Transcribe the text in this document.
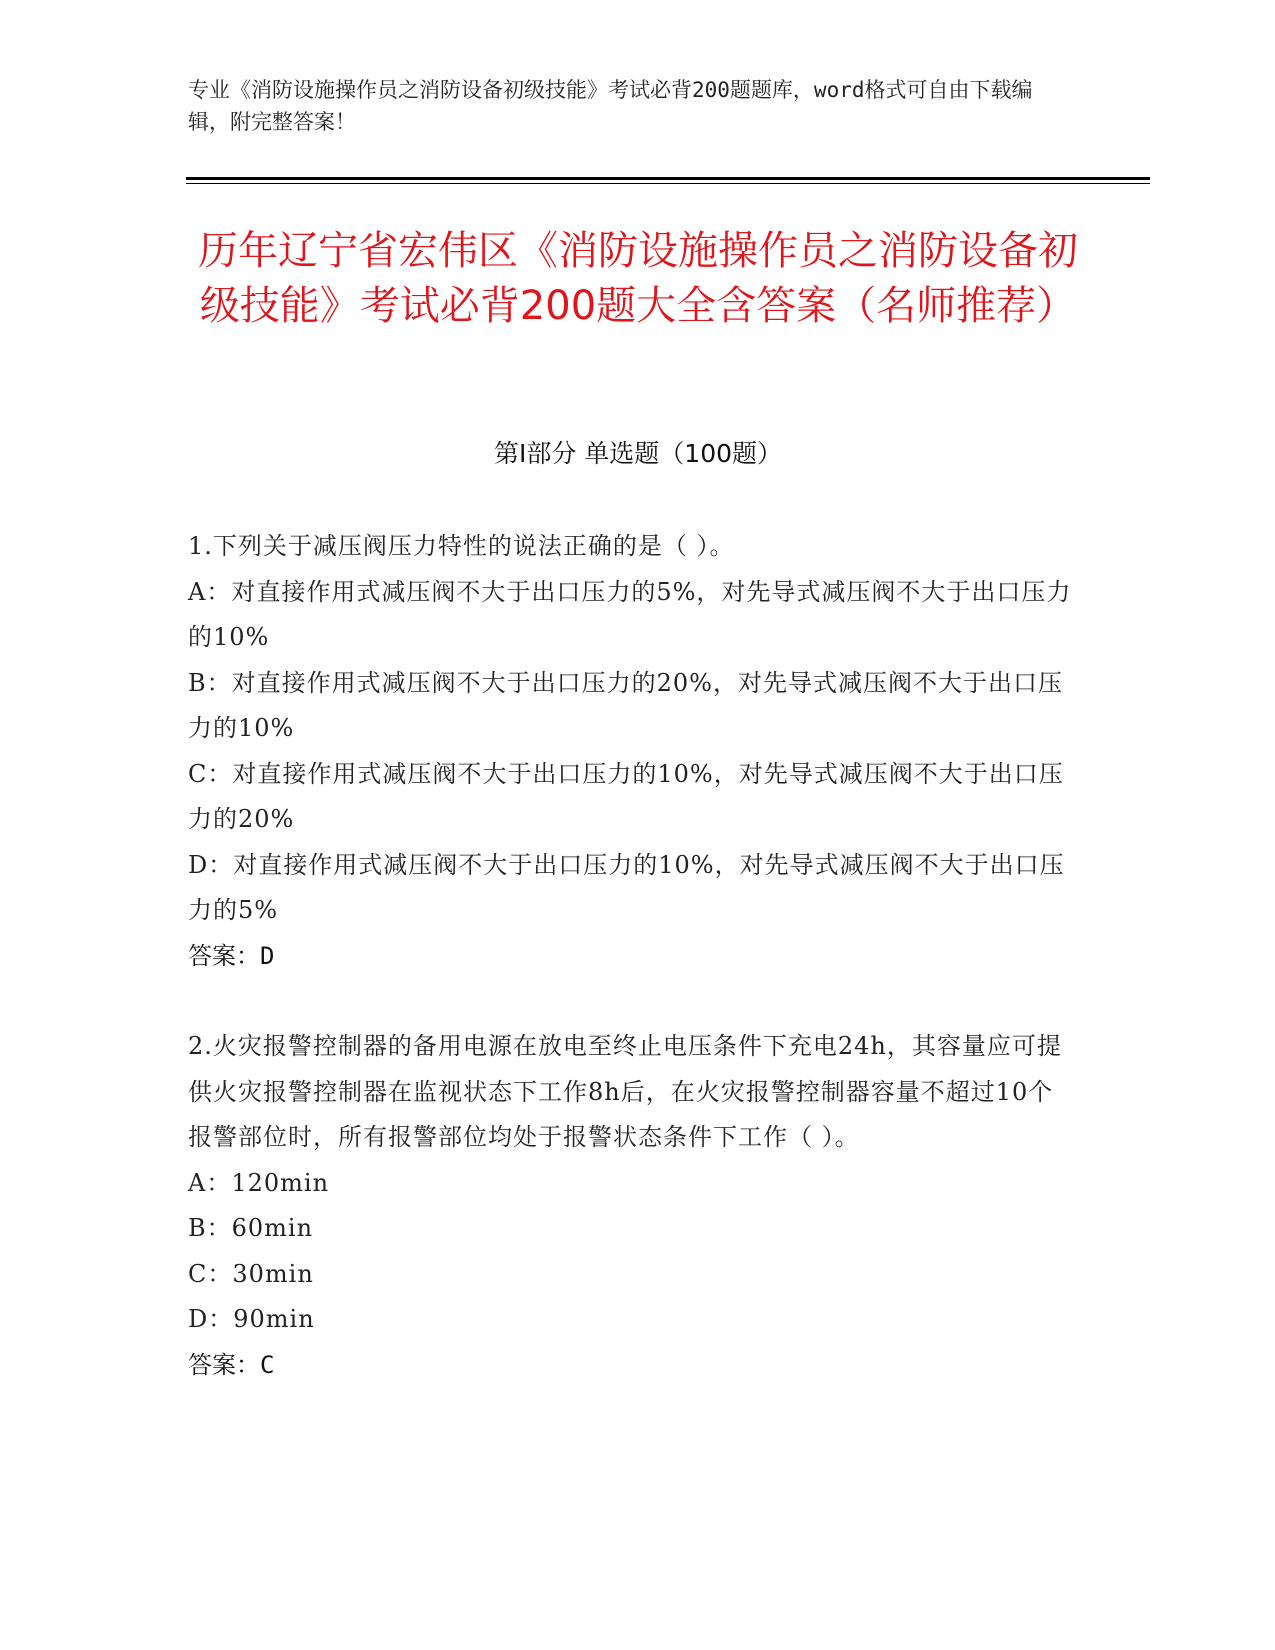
专业《消防设施操作员之消防设备初级技能》考试必背200题题库，word格式可自由下载编辑，附完整答案！
历年辽宁省宏伟区《消防设施操作员之消防设备初级技能》考试必背200题大全含答案（名师推荐）
第I部分 单选题（100题）
1.下列关于减压阀压力特性的说法正确的是（ ）。
A：对直接作用式减压阀不大于出口压力的5%，对先导式减压阀不大于出口压力的10%
B：对直接作用式减压阀不大于出口压力的20%，对先导式减压阀不大于出口压力的10%
C：对直接作用式减压阀不大于出口压力的10%，对先导式减压阀不大于出口压力的20%
D：对直接作用式减压阀不大于出口压力的10%，对先导式减压阀不大于出口压力的5%
答案：D
2.火灾报警控制器的备用电源在放电至终止电压条件下充电24h，其容量应可提供火灾报警控制器在监视状态下工作8h后，在火灾报警控制器容量不超过10个报警部位时，所有报警部位均处于报警状态条件下工作（ ）。
A：120min
B：60min
C：30min
D：90min
答案：C
